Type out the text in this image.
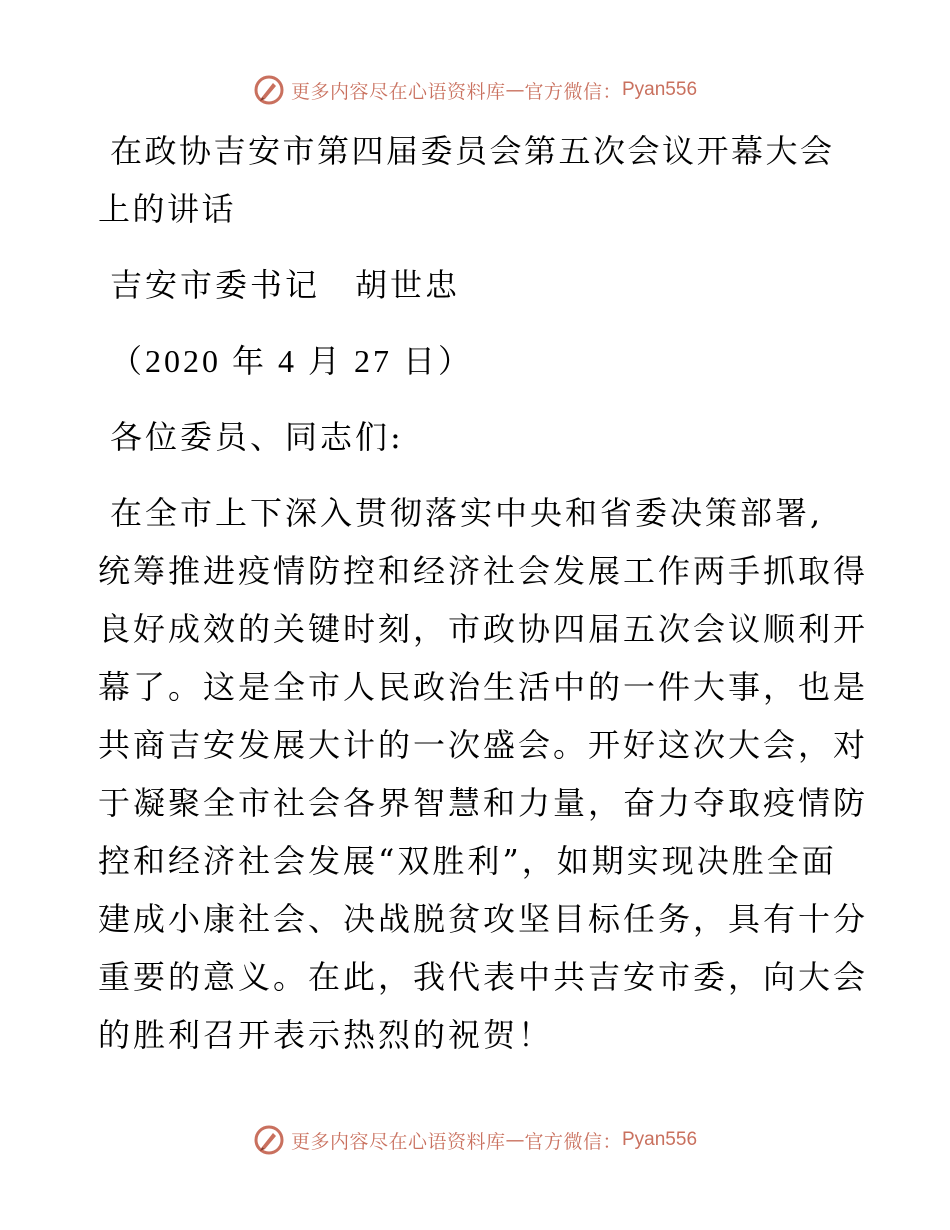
更多内容尽在心语资料库 — 官方微信： Pyan556
在政协吉安市第四届委员会第五次会议开幕大会
上的讲话
吉安市委书记　胡世忠
（2020 年 4 月 27 日）
各位委员、同志们:
在全市上下深入贯彻落实中央和省委决策部署,
统筹推进疫情防控和经济社会发展工作两手抓取得
良好成效的关键时刻，市政协四届五次会议顺利开
幕了。这是全市人民政治生活中的一件大事，也是
共商吉安发展大计的一次盛会。开好这次大会，对
于凝聚全市社会各界智慧和力量，奋力夺取疫情防
控和经济社会发展“双胜利”，如期实现决胜全面
建成小康社会、决战脱贫攻坚目标任务，具有十分
重要的意义。在此，我代表中共吉安市委，向大会
的胜利召开表示热烈的祝贺！
更多内容尽在心语资料库 — 官方微信： Pyan556
